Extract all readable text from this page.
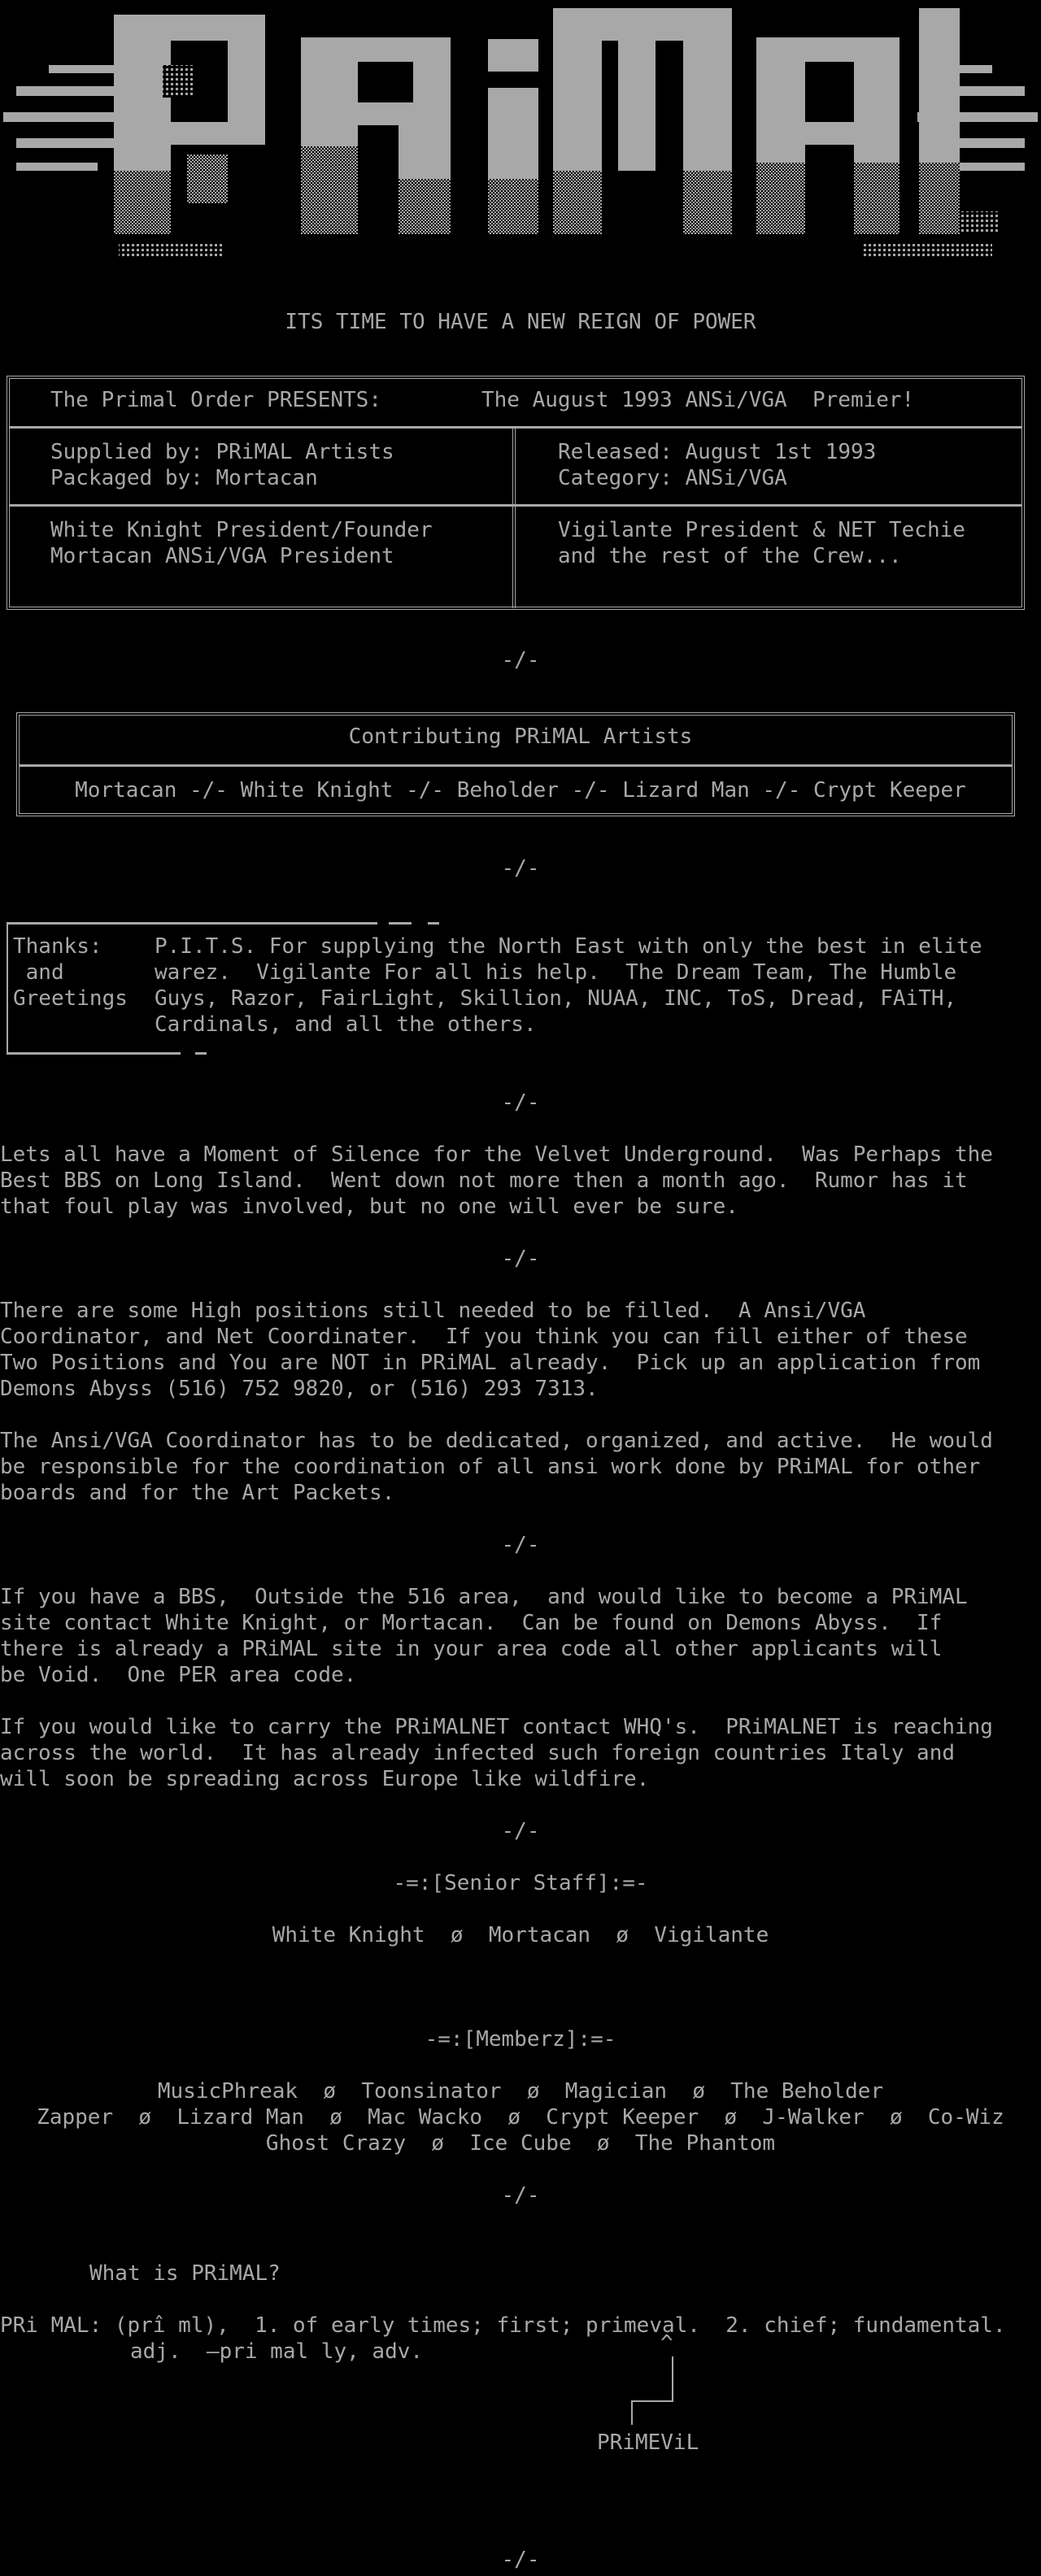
ITS TIME TO HAVE A NEW REIGN OF POWER

The Primal Order PRESENTS:	The August 1993 ANSi/VGA  Premier!

Supplied by: PRiMAL Artists

Packaged by: Mortacan

Released: August 1st 1993

Category: ANSi/VGA

White Knight President/Founder

Mortacan ANSi/VGA President

Vigilante President & NET Techie

and the rest of the Crew...

-/-

Contributing PRiMAL Artists

Mortacan -/- White Knight -/- Beholder -/- Lizard Man -/- Crypt Keeper

-/-

Thanks:

and

Greetings

P.I.T.S. For supplying the North East with only the best in elite

warez.  Vigilante For all his help.  The Dream Team, The Humble

Guys, Razor, FairLight, Skillion, NUAA, INC, ToS, Dread, FAiTH,

Cardinals, and all the others.

-/-

Lets all have a Moment of Silence for the Velvet Underground.  Was Perhaps the
Best BBS on Long Island.  Went down not more then a month ago.  Rumor has it
that foul play was involved, but no one will ever be sure.

-/-

There are some High positions still needed to be filled.  A Ansi/VGA
Coordinator, and Net Coordinater.  If you think you can fill either of these
Two Positions and You are NOT in PRiMAL already.  Pick up an application from
Demons Abyss (516) 752 9820, or (516) 293 7313.

The Ansi/VGA Coordinator has to be dedicated, organized, and active.  He would
be responsible for the coordination of all ansi work done by PRiMAL for other
boards and for the Art Packets.

-/-

If you have a BBS,  Outside the 516 area,  and would like to become a PRiMAL
site contact White Knight, or Mortacan.  Can be found on Demons Abyss.  If
there is already a PRiMAL site in your area code all other applicants will
be Void.  One PER area code.

If you would like to carry the PRiMALNET contact WHQ's.  PRiMALNET is reaching
across the world.  It has already infected such foreign countries Italy and
will soon be spreading across Europe like wildfire.

-/-

-=:[Senior Staff]:=-

White Knight  ø  Mortacan  ø  Vigilante

-=:[Memberz]:=-

MusicPhreak  ø  Toonsinator  ø  Magician  ø  The Beholder

Zapper  ø  Lizard Man  ø  Mac Wacko  ø  Crypt Keeper  ø  J-Walker  ø  Co-Wiz

Ghost Crazy  ø  Ice Cube  ø  The Phantom

-/-

What is PRiMAL?

PRi MAL: (prî ml),  1. of early times; first; primeval.  2. chief; fundamental.

adj.  —pri mal ly, adv.	^

PRiMEViL

-/-
